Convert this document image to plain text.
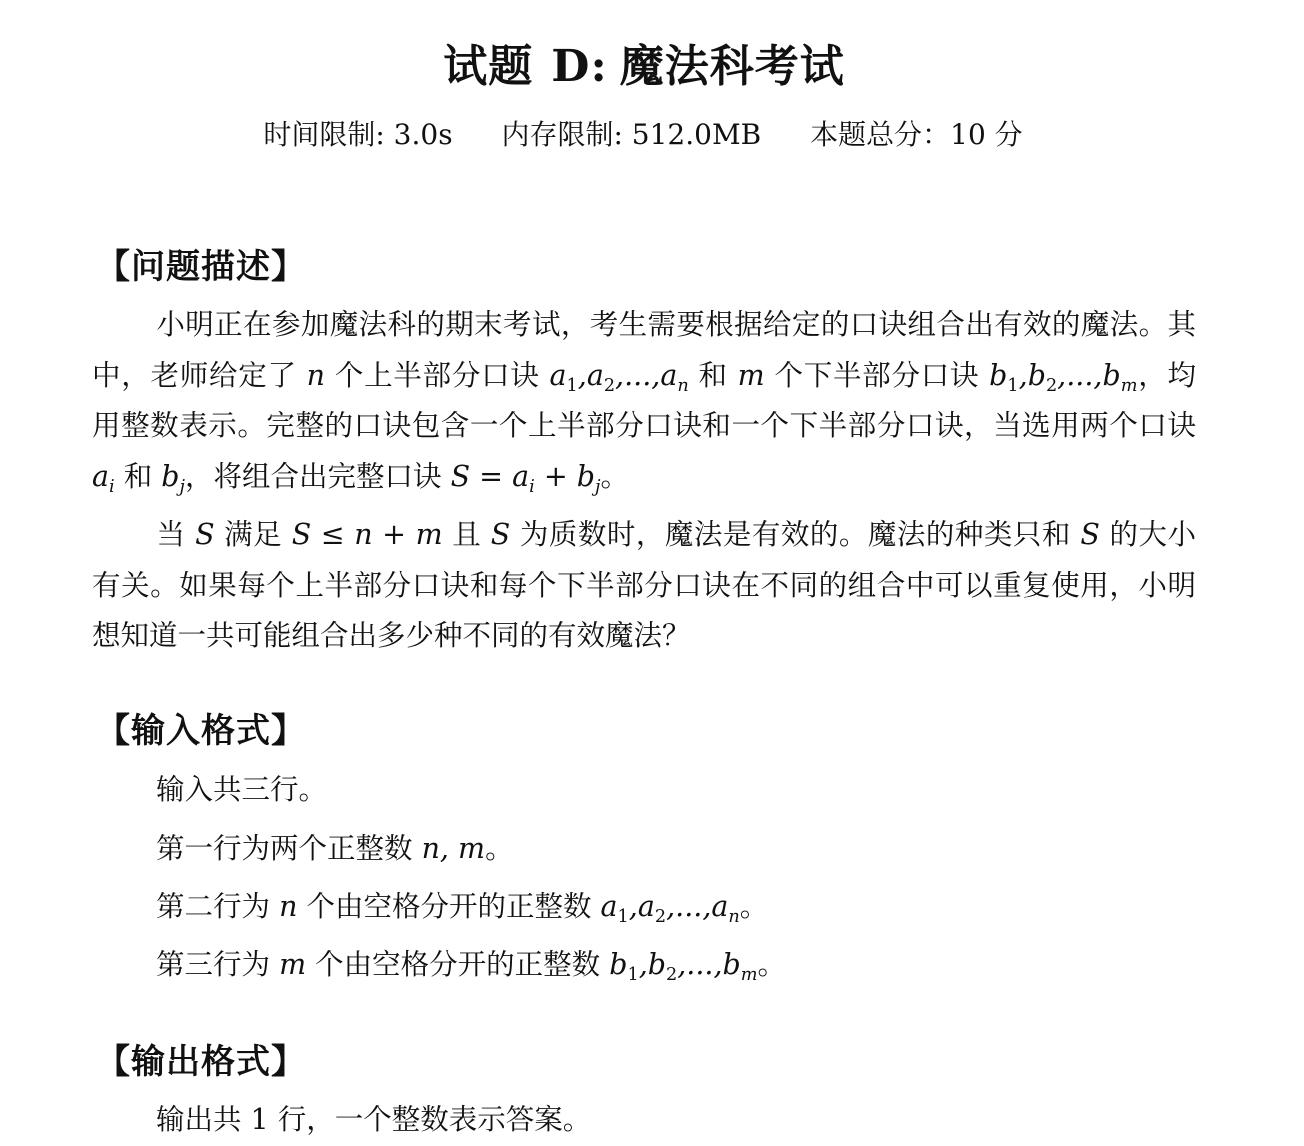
试题 D: 魔法科考试
时间限制: 3.0s 内存限制: 512.0MB 本题总分：10 分
【问题描述】
小明正在参加魔法科的期末考试，考生需要根据给定的口诀组合出有效的魔法。其中，老师给定了 n 个上半部分口诀 $a_1,a_2,...,a_n$ 和 m 个下半部分口诀 $b_1,b_2,...,b_m$，均用整数表示。完整的口诀包含一个上半部分口诀和一个下半部分口诀，当选用两个口诀 $a_i$ 和 $b_j$，将组合出完整口诀 $S = a_i + b_j$。
当 S 满足 S ≤ n + m 且 S 为质数时，魔法是有效的。魔法的种类只和 S 的大小有关。如果每个上半部分口诀和每个下半部分口诀在不同的组合中可以重复使用，小明想知道一共可能组合出多少种不同的有效魔法？
【输入格式】
输入共三行。
第一行为两个正整数 n, m。
第二行为 n 个由空格分开的正整数 $a_1,a_2,...,a_n$。
第三行为 m 个由空格分开的正整数 $b_1,b_2,...,b_m$。
【输出格式】
输出共 1 行，一个整数表示答案。
